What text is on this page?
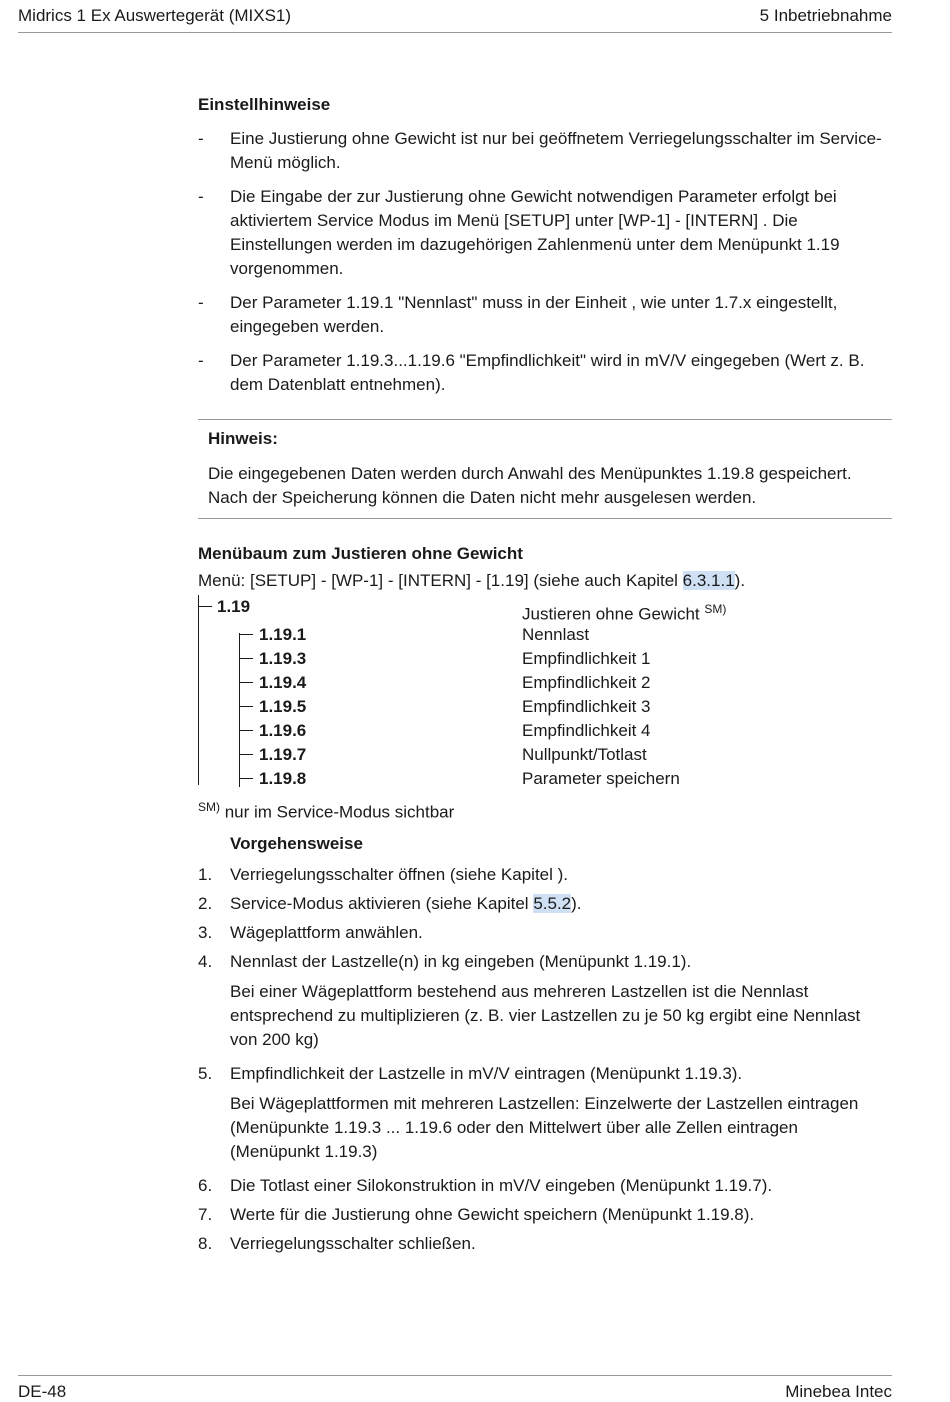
Midrics 1 Ex Auswertegerät (MIXS1)	5 Inbetriebnahme
Einstellhinweise
-	Eine Justierung ohne Gewicht ist nur bei geöffnetem Verriegelungsschalter im Service-Menü möglich.
-	Die Eingabe der zur Justierung ohne Gewicht notwendigen Parameter erfolgt bei aktiviertem Service Modus im Menü [SETUP] unter [WP-1] - [INTERN] . Die Einstellungen werden im dazugehörigen Zahlenmenü unter dem Menüpunkt 1.19 vorgenommen.
-	Der Parameter 1.19.1 "Nennlast" muss in der Einheit , wie unter 1.7.x eingestellt, eingegeben werden.
-	Der Parameter 1.19.3...1.19.6 "Empfindlichkeit" wird in mV/V eingegeben (Wert z. B. dem Datenblatt entnehmen).
Hinweis:
Die eingegebenen Daten werden durch Anwahl des Menüpunktes 1.19.8 gespeichert.
Nach der Speicherung können die Daten nicht mehr ausgelesen werden.
Menübaum zum Justieren ohne Gewicht
Menü: [SETUP] - [WP-1] - [INTERN] - [1.19] (siehe auch Kapitel 6.3.1.1).
1.19	Justieren ohne Gewicht $^{SM)}$
1.19.1	Nennlast
1.19.3	Empfindlichkeit 1
1.19.4	Empfindlichkeit 2
1.19.5	Empfindlichkeit 3
1.19.6	Empfindlichkeit 4
1.19.7	Nullpunkt/Totlast
1.19.8	Parameter speichern
$^{SM)}$ nur im Service-Modus sichtbar
Vorgehensweise
1.	Verriegelungsschalter öffnen (siehe Kapitel ).
2.	Service-Modus aktivieren (siehe Kapitel 5.5.2).
3.	Wägeplattform anwählen.
4.	Nennlast der Lastzelle(n) in kg eingeben (Menüpunkt 1.19.1).
Bei einer Wägeplattform bestehend aus mehreren Lastzellen ist die Nennlast entsprechend zu multiplizieren (z. B. vier Lastzellen zu je 50 kg ergibt eine Nennlast von 200 kg)
5.	Empfindlichkeit der Lastzelle in mV/V eintragen (Menüpunkt 1.19.3).
Bei Wägeplattformen mit mehreren Lastzellen: Einzelwerte der Lastzellen eintragen (Menüpunkte 1.19.3 ... 1.19.6 oder den Mittelwert über alle Zellen eintragen (Menüpunkt 1.19.3)
6.	Die Totlast einer Silokonstruktion in mV/V eingeben (Menüpunkt 1.19.7).
7.	Werte für die Justierung ohne Gewicht speichern (Menüpunkt 1.19.8).
8.	Verriegelungsschalter schließen.
DE-48	Minebea Intec
